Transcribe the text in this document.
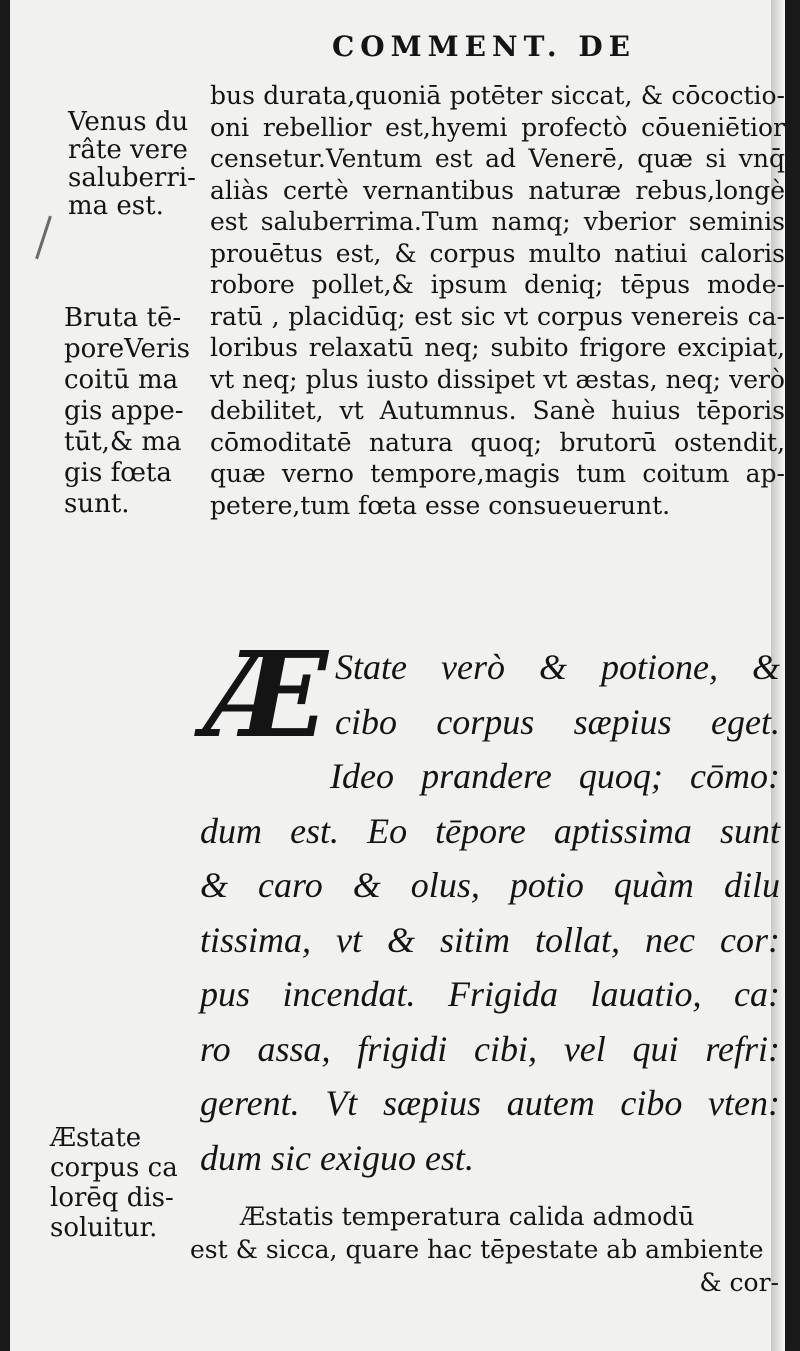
COMMENT. DE
Venus du
râte vere
saluberri-
ma est.
Bruta tē-
poreVeris
coitū ma
gis appe-
tūt,& ma
gis fœta
sunt.
Æstate
corpus ca
lorēq dis-
soluitur.
bus durata,quoniā potēter siccat, & cōcoctio-
oni rebellior est,hyemi profectò cōueniētior
censetur.Ventum est ad Venerē, quæ si vnq̄
aliàs certè vernantibus naturæ rebus,longè
est saluberrima.Tum namq; vberior seminis
prouētus est, & corpus multo natiui caloris
robore pollet,& ipsum deniq; tēpus mode-
ratū , placidūq; est sic vt corpus venereis ca-
loribus relaxatū neq; subito frigore excipiat,
vt neq; plus iusto dissipet vt æstas, neq; verò
debilitet, vt Autumnus. Sanè huius tēporis
cōmoditatē natura quoq; brutorū ostendit,
quæ verno tempore,magis tum coitum ap-
petere,tum fœta esse consueuerunt.
Æ State verò & potione, &
cibo corpus sæpius eget.
Ideo prandere quoq; cōmo:
dum est. Eo tēpore aptissima sunt
& caro & olus, potio quàm dilu
tissima, vt & sitim tollat, nec cor:
pus incendat. Frigida lauatio, ca:
ro assa, frigidi cibi, vel qui refri:
gerent. Vt sæpius autem cibo vten:
dum sic exiguo est.
Æstatis temperatura calida admodū
est & sicca, quare hac tēpestate ab ambiente
& cor-
